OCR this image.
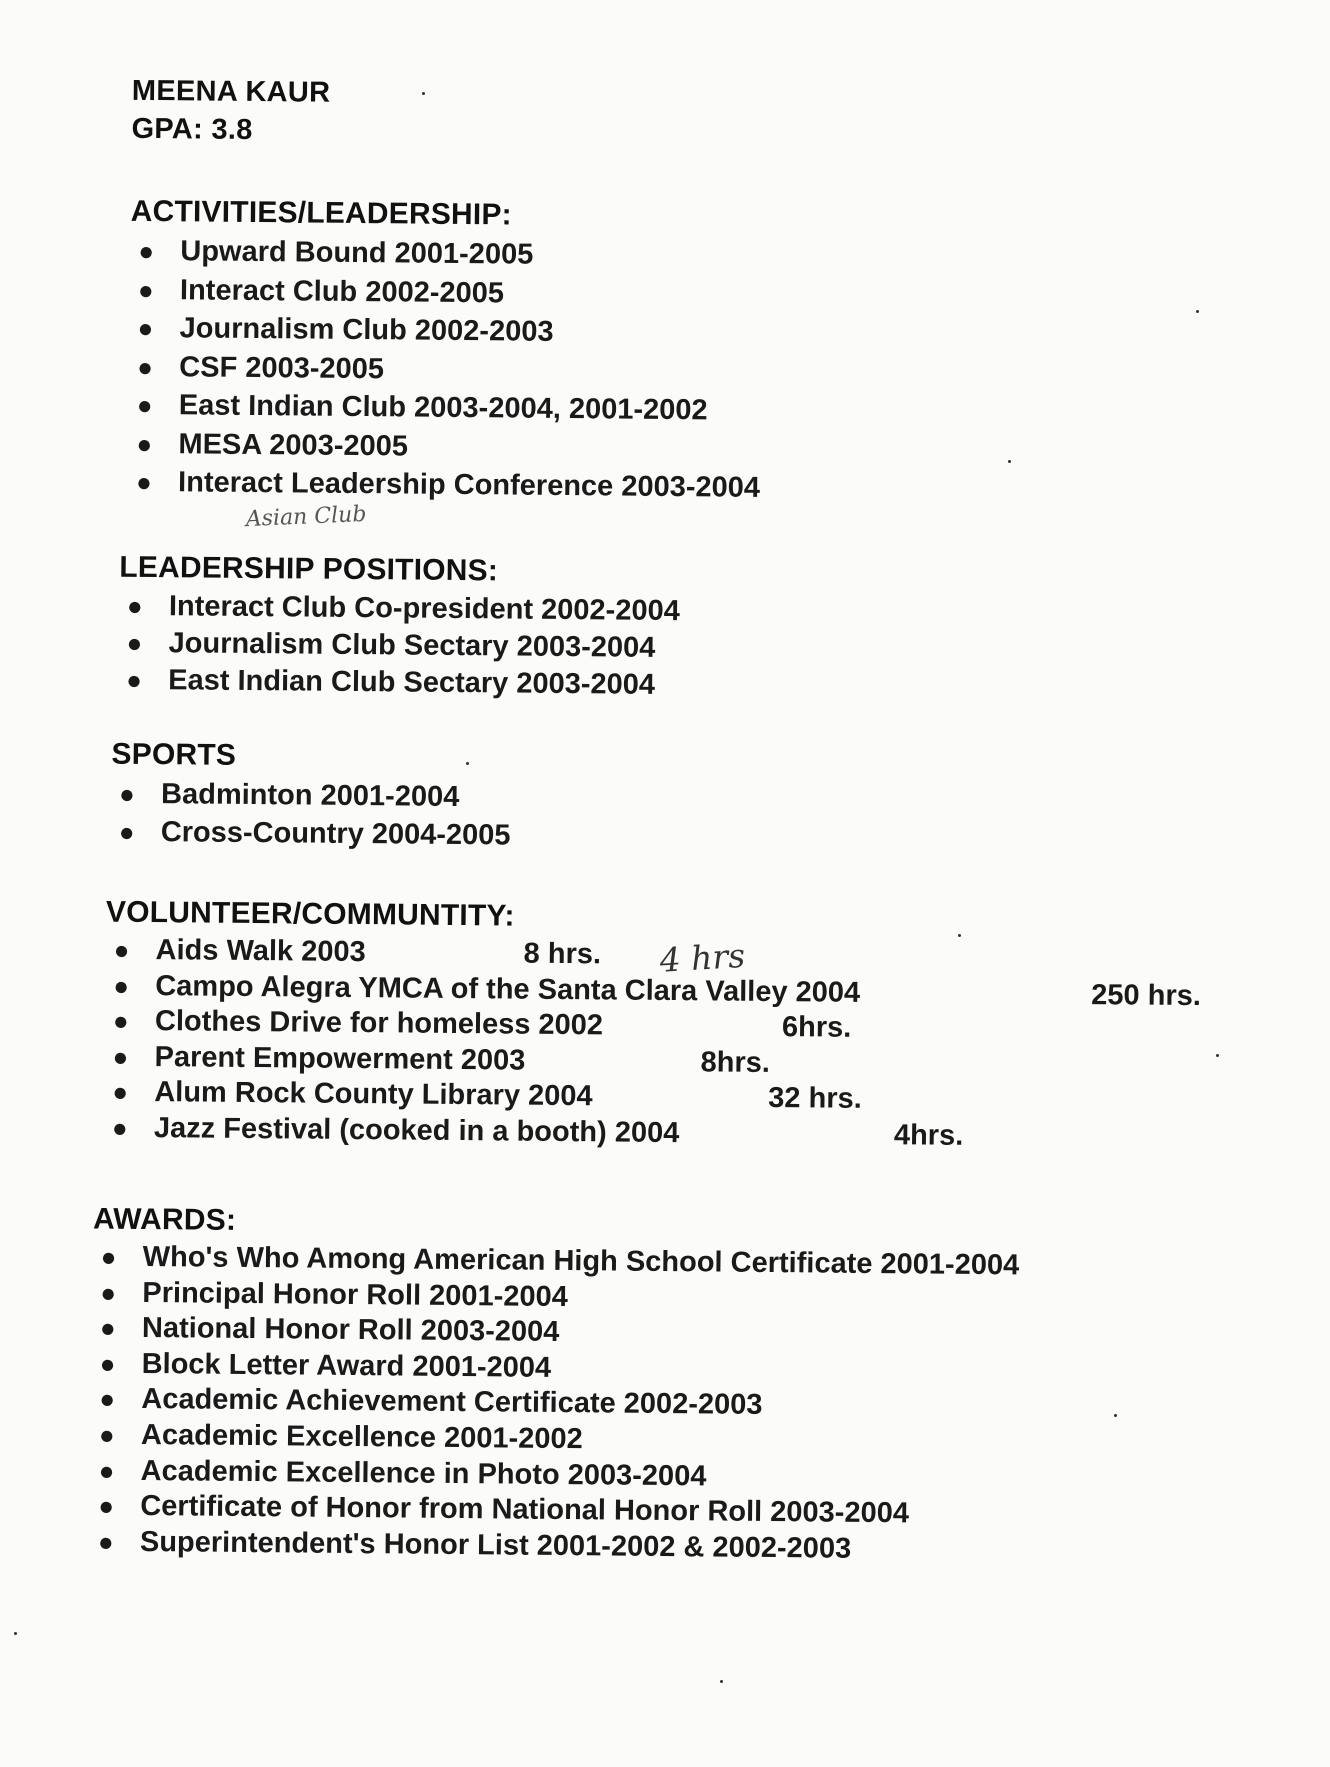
MEENA KAUR
GPA: 3.8
ACTIVITIES/LEADERSHIP:
● Upward Bound 2001-2005
● Interact Club 2002-2005
● Journalism Club 2002-2003
● CSF 2003-2005
● East Indian Club 2003-2004, 2001-2002
● MESA 2003-2005
● Interact Leadership Conference 2003-2004
Asian Club
LEADERSHIP POSITIONS:
● Interact Club Co-president 2002-2004
● Journalism Club Sectary 2003-2004
● East Indian Club Sectary 2003-2004
SPORTS
● Badminton 2001-2004
● Cross-Country 2004-2005
VOLUNTEER/COMMUNTITY:
● Aids Walk 2003	8 hrs.
● Campo Alegra YMCA of the Santa Clara Valley 2004	250 hrs.
● Clothes Drive for homeless 2002	6hrs.
● Parent Empowerment 2003	8hrs.
● Alum Rock County Library 2004	32 hrs.
● Jazz Festival (cooked in a booth) 2004	4hrs.
4 hrs
AWARDS:
● Who's Who Among American High School Certificate 2001-2004
● Principal Honor Roll 2001-2004
● National Honor Roll 2003-2004
● Block Letter Award 2001-2004
● Academic Achievement Certificate 2002-2003
● Academic Excellence 2001-2002
● Academic Excellence in Photo 2003-2004
● Certificate of Honor from National Honor Roll 2003-2004
● Superintendent's Honor List 2001-2002 & 2002-2003
